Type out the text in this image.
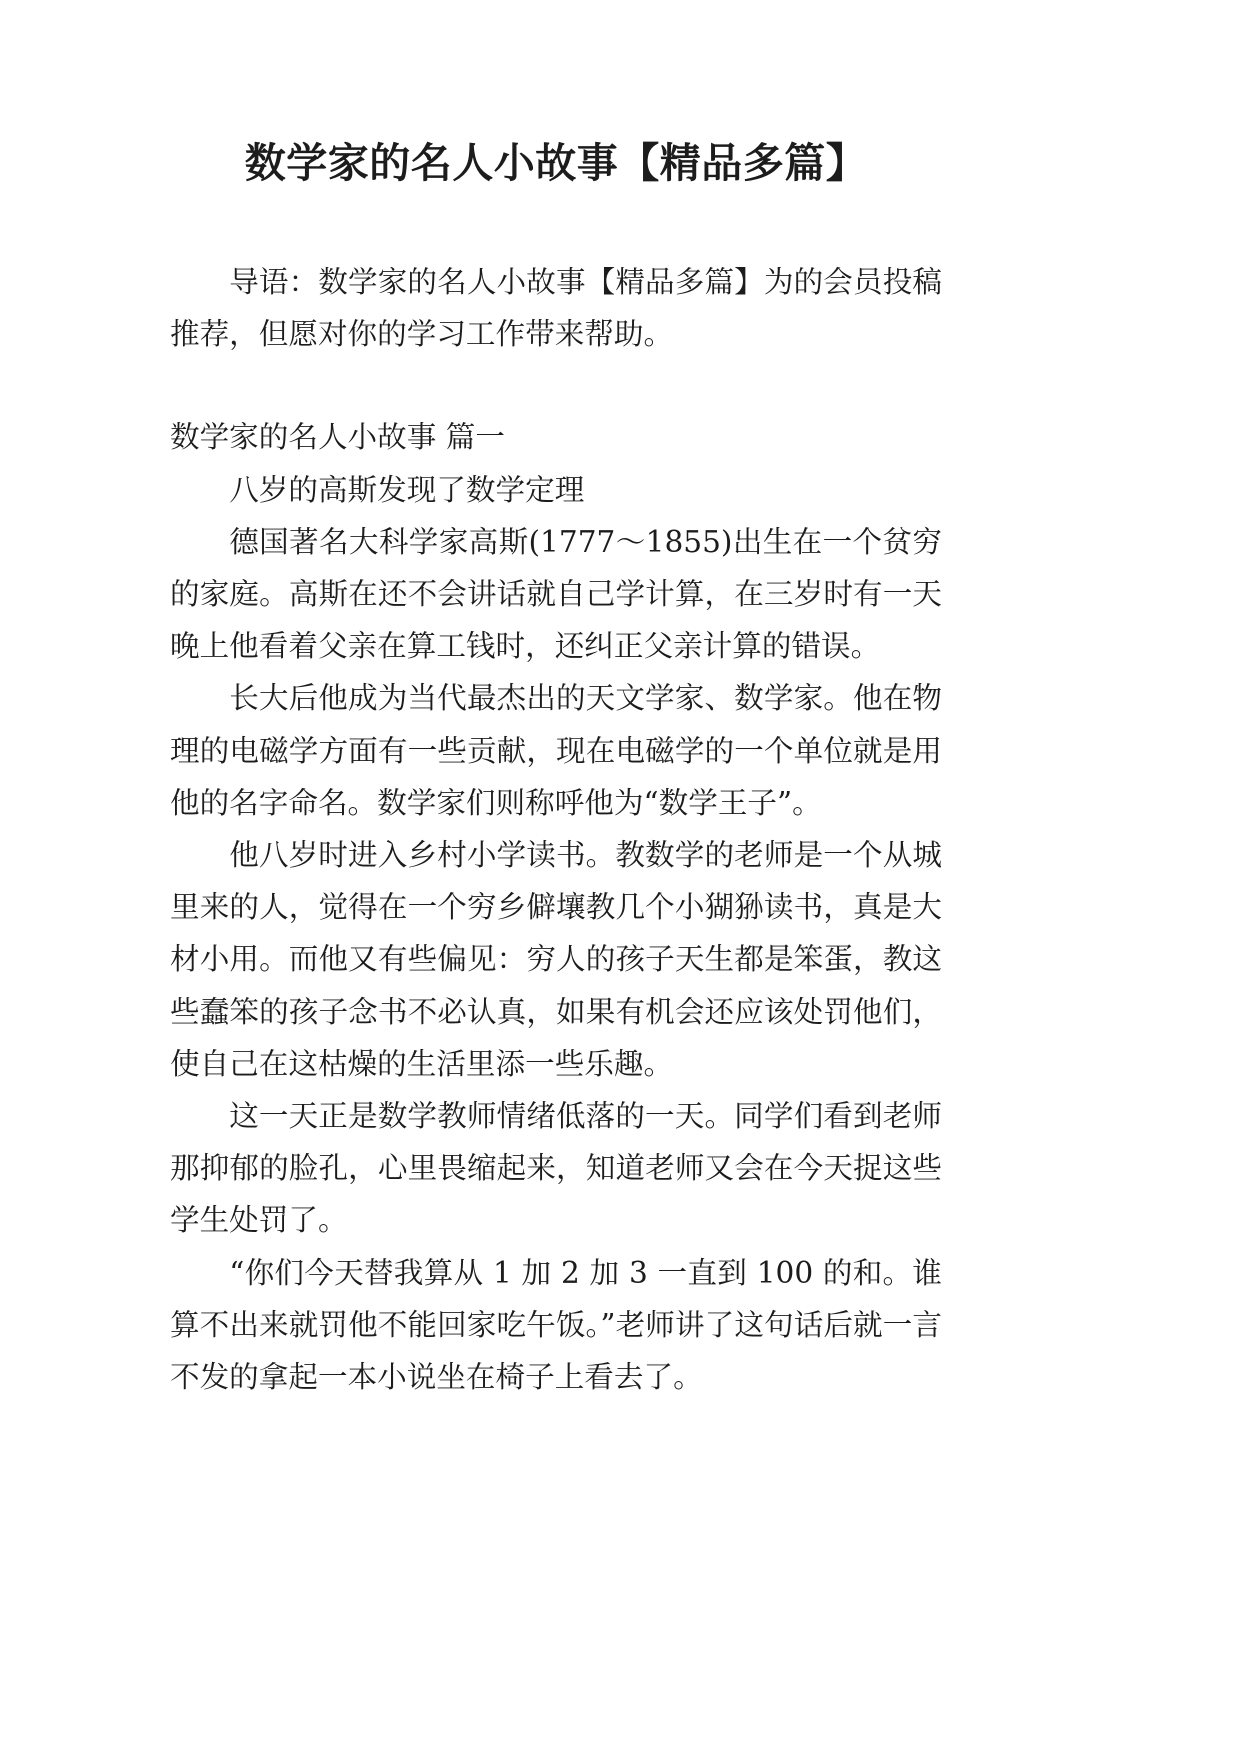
数学家的名人小故事【精品多篇】

导语：数学家的名人小故事【精品多篇】为的会员投稿推荐，但愿对你的学习工作带来帮助。

数学家的名人小故事 篇一

八岁的高斯发现了数学定理

德国著名大科学家高斯(1777～1855)出生在一个贫穷的家庭。高斯在还不会讲话就自己学计算，在三岁时有一天晚上他看着父亲在算工钱时，还纠正父亲计算的错误。

长大后他成为当代最杰出的天文学家、数学家。他在物理的电磁学方面有一些贡献，现在电磁学的一个单位就是用他的名字命名。数学家们则称呼他为“数学王子”。

他八岁时进入乡村小学读书。教数学的老师是一个从城里来的人，觉得在一个穷乡僻壤教几个小猢狲读书，真是大材小用。而他又有些偏见：穷人的孩子天生都是笨蛋，教这些蠢笨的孩子念书不必认真，如果有机会还应该处罚他们，使自己在这枯燥的生活里添一些乐趣。

这一天正是数学教师情绪低落的一天。同学们看到老师那抑郁的脸孔，心里畏缩起来，知道老师又会在今天捉这些学生处罚了。

“你们今天替我算从 1 加 2 加 3 一直到 100 的和。谁算不出来就罚他不能回家吃午饭。”老师讲了这句话后就一言不发的拿起一本小说坐在椅子上看去了。
